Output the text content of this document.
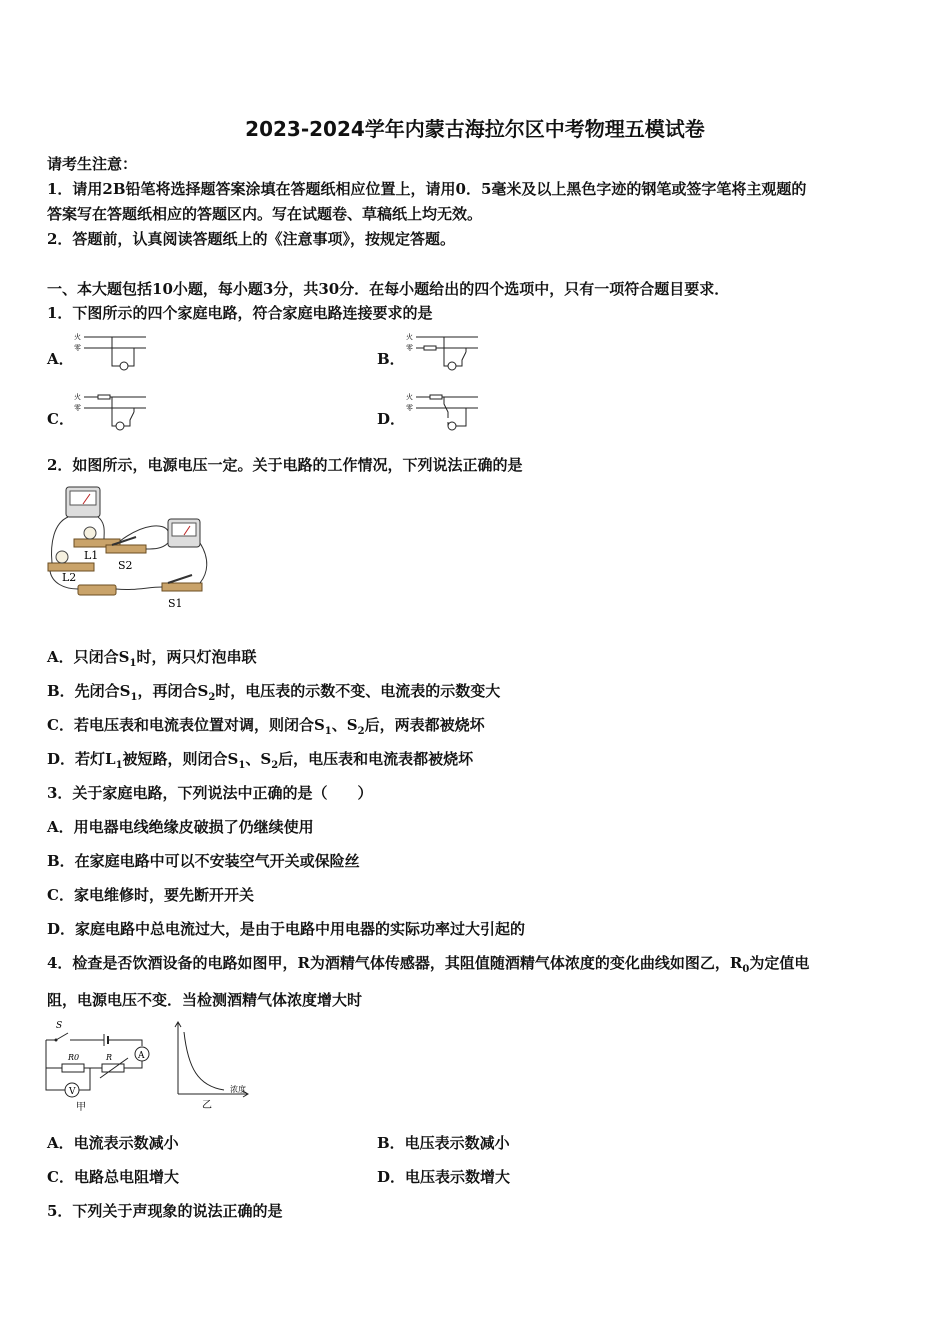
2023-2024学年内蒙古海拉尔区中考物理五模试卷
请考生注意：
1．请用2B铅笔将选择题答案涂填在答题纸相应位置上，请用0．5毫米及以上黑色字迹的钢笔或签字笔将主观题的
答案写在答题纸相应的答题区内。写在试题卷、草稿纸上均无效。
2．答题前，认真阅读答题纸上的《注意事项》，按规定答题。
一、本大题包括10小题，每小题3分，共30分．在每小题给出的四个选项中，只有一项符合题目要求．
1．下图所示的四个家庭电路，符合家庭电路连接要求的是
A．	B．
C．	D．
火
零
火
零
火
零
火
零
2．如图所示，电源电压一定。关于电路的工作情况，下列说法正确的是
L1
L2
S2
S1
A．只闭合$S_1$时，两只灯泡串联
B．先闭合$S_1$，再闭合$S_2$时，电压表的示数不变、电流表的示数变大
C．若电压表和电流表位置对调，则闭合$S_1$、$S_2$后，两表都被烧坏
D．若灯$L_1$被短路，则闭合$S_1$、$S_2$后，电压表和电流表都被烧坏
3．关于家庭电路，下列说法中正确的是（　　）
A．用电器电线绝缘皮破损了仍继续使用
B．在家庭电路中可以不安装空气开关或保险丝
C．家电维修时，要先断开开关
D．家庭电路中总电流过大，是由于电路中用电器的实际功率过大引起的
4．检查是否饮酒设备的电路如图甲，R为酒精气体传感器，其阻值随酒精气体浓度的变化曲线如图乙，$R_0$为定值电
阻，电源电压不变．当检测酒精气体浓度增大时
S
A
R0	R
V
甲
浓度
乙
A．电流表示数减小	B．电压表示数减小
C．电路总电阻增大	D．电压表示数增大
5．下列关于声现象的说法正确的是
